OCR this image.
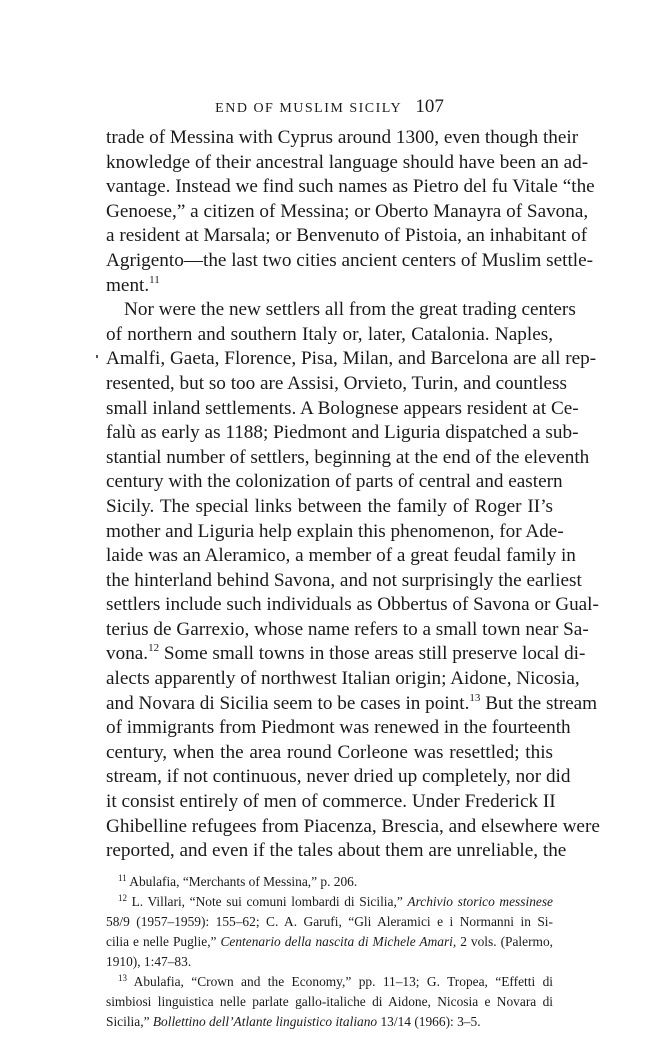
END OF MUSLIM SICILY 107
trade of Messina with Cyprus around 1300, even though their
knowledge of their ancestral language should have been an ad-
vantage. Instead we find such names as Pietro del fu Vitale “the
Genoese,” a citizen of Messina; or Oberto Manayra of Savona,
a resident at Marsala; or Benvenuto of Pistoia, an inhabitant of
Agrigento—the last two cities ancient centers of Muslim settle-
ment.$^{11}$
Nor were the new settlers all from the great trading centers
of northern and southern Italy or, later, Catalonia. Naples,
Amalfi, Gaeta, Florence, Pisa, Milan, and Barcelona are all rep-
resented, but so too are Assisi, Orvieto, Turin, and countless
small inland settlements. A Bolognese appears resident at Ce-
falù as early as 1188; Piedmont and Liguria dispatched a sub-
stantial number of settlers, beginning at the end of the eleventh
century with the colonization of parts of central and eastern
Sicily. The special links between the family of Roger II’s
mother and Liguria help explain this phenomenon, for Ade-
laide was an Aleramico, a member of a great feudal family in
the hinterland behind Savona, and not surprisingly the earliest
settlers include such individuals as Obbertus of Savona or Gual-
terius de Garrexio, whose name refers to a small town near Sa-
vona.$^{12}$ Some small towns in those areas still preserve local di-
alects apparently of northwest Italian origin; Aidone, Nicosia,
and Novara di Sicilia seem to be cases in point.$^{13}$ But the stream
of immigrants from Piedmont was renewed in the fourteenth
century, when the area round Corleone was resettled; this
stream, if not continuous, never dried up completely, nor did
it consist entirely of men of commerce. Under Frederick II
Ghibelline refugees from Piacenza, Brescia, and elsewhere were
reported, and even if the tales about them are unreliable, the
$^{11}$ Abulafia, “Merchants of Messina,” p. 206.
$^{12}$ L. Villari, “Note sui comuni lombardi di Sicilia,” Archivio storico messinese
58/9 (1957–1959): 155–62; C. A. Garufi, “Gli Aleramici e i Normanni in Si-
cilia e nelle Puglie,” Centenario della nascita di Michele Amari, 2 vols. (Palermo,
1910), 1:47–83.
$^{13}$ Abulafia, “Crown and the Economy,” pp. 11–13; G. Tropea, “Effetti di
simbiosi linguistica nelle parlate gallo-italiche di Aidone, Nicosia e Novara di
Sicilia,” Bollettino dell’Atlante linguistico italiano 13/14 (1966): 3–5.
